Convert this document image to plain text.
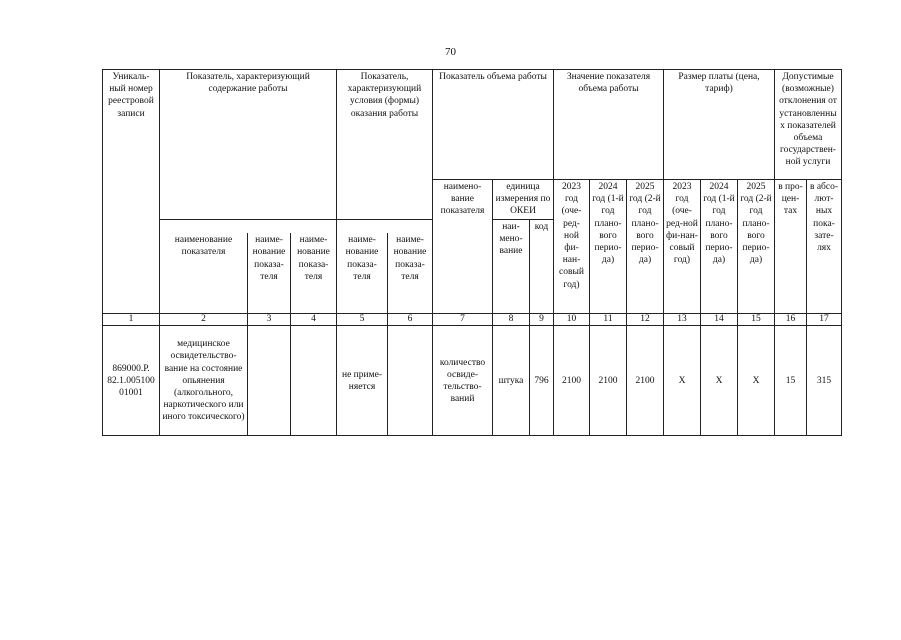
70
Уникаль-ный номер реестровой записи	Показатель, характеризующий содержание работы			Показатель, характеризующий условия (формы) оказания работы		Показатель объема работы			Значение показателя объема работы			Размер платы (цена, тариф)			Допустимые (возможные) отклонения от установленны х показателей объема государствен-ной услуги	
						наимено-вание показателя	единица измерения по ОКЕИ		2023 год (оче-ред-ной фи-нан-совый год)	2024 год (1-й год плано-вого перио-да)	2025 год (2-й год плано-вого перио-да)	2023 год (оче-ред-ной фи-нан-совый год)	2024 год (1-й год плано-вого перио-да)	2025 год (2-й год плано-вого перио-да)	в про-цен-тах	в абсо-лют-ных пока-зате-лях
							наи-мено-вание	код								
	наименование показателя	наиме-нование показа-теля	наиме-нование показа-теля	наиме-нование показа-теля	наиме-нование показа-теля											

1	2	3	4	5	6	7	8	9	10	11	12	13	14	15	16	17
869000.Р. 82.1.005100 01001	медицинское освидетельство-вание на состояние опьянения (алкогольного, наркотического или иного токсического)			не приме-няется		количество освиде-тельство-ваний	штука	796	2100	2100	2100	Х	Х	Х	15	315
